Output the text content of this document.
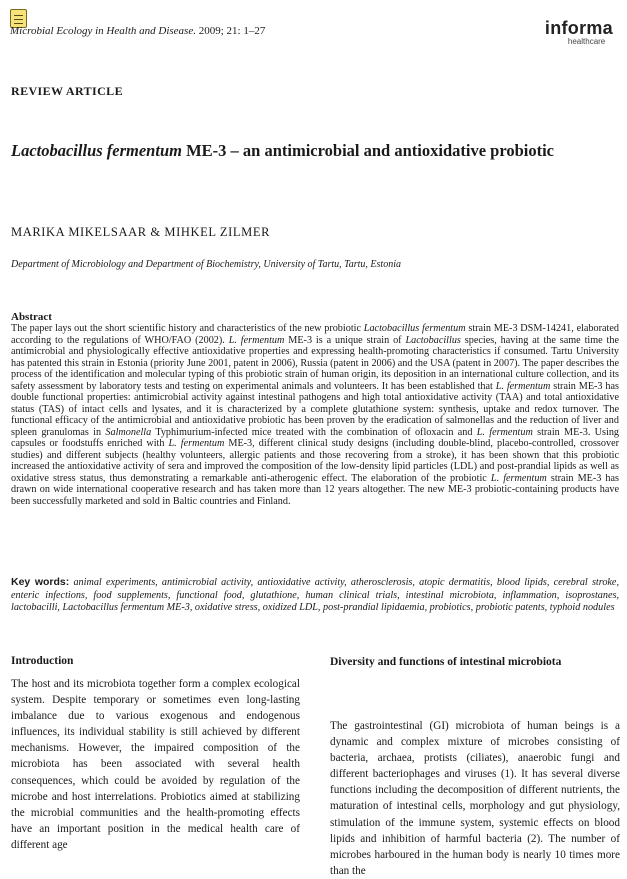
Microbial Ecology in Health and Disease. 2009; 21: 1–27	informa
healthcare
REVIEW ARTICLE
Lactobacillus fermentum ME-3 – an antimicrobial and antioxidative probiotic
MARIKA MIKELSAAR & MIHKEL ZILMER
Department of Microbiology and Department of Biochemistry, University of Tartu, Tartu, Estonia
Abstract
The paper lays out the short scientific history and characteristics of the new probiotic Lactobacillus fermentum strain ME-3 DSM-14241, elaborated according to the regulations of WHO/FAO (2002). L. fermentum ME-3 is a unique strain of Lactobacillus species, having at the same time the antimicrobial and physiologically effective antioxidative properties and expressing health-promoting characteristics if consumed. Tartu University has patented this strain in Estonia (priority June 2001, patent in 2006), Russia (patent in 2006) and the USA (patent in 2007). The paper describes the process of the identification and molecular typing of this probiotic strain of human origin, its deposition in an international culture collection, and its safety assessment by laboratory tests and testing on experimental animals and volunteers. It has been established that L. fermentum strain ME-3 has double functional properties: antimicrobial activity against intestinal pathogens and high total antioxidative activity (TAA) and total antioxidative status (TAS) of intact cells and lysates, and it is characterized by a complete glutathione system: synthesis, uptake and redox turnover. The functional efficacy of the antimicrobial and antioxidative probiotic has been proven by the eradication of salmonellas and the reduction of liver and spleen granulomas in Salmonella Typhimurium-infected mice treated with the combination of ofloxacin and L. fermentum strain ME-3. Using capsules or foodstuffs enriched with L. fermentum ME-3, different clinical study designs (including double-blind, placebo-controlled, crossover studies) and different subjects (healthy volunteers, allergic patients and those recovering from a stroke), it has been shown that this probiotic increased the antioxidative activity of sera and improved the composition of the low-density lipid particles (LDL) and post-prandial lipids as well as oxidative stress status, thus demonstrating a remarkable anti-atherogenic effect. The elaboration of the probiotic L. fermentum strain ME-3 has drawn on wide international cooperative research and has taken more than 12 years altogether. The new ME-3 probiotic-containing products have been successfully marketed and sold in Baltic countries and Finland.
Key words: animal experiments, antimicrobial activity, antioxidative activity, atherosclerosis, atopic dermatitis, blood lipids, cerebral stroke, enteric infections, food supplements, functional food, glutathione, human clinical trials, intestinal microbiota, inflammation, isoprostanes, lactobacilli, Lactobacillus fermentum ME-3, oxidative stress, oxidized LDL, post-prandial lipidaemia, probiotics, probiotic patents, typhoid nodules
Introduction
The host and its microbiota together form a complex ecological system. Despite temporary or sometimes even long-lasting imbalance due to various exogenous and endogenous influences, its individual stability is still achieved by different mechanisms. However, the impaired composition of the microbiota has been associated with several health consequences, which could be avoided by regulation of the microbe and host interrelations. Probiotics aimed at stabilizing the microbial communities and the health-promoting effects have an important position in the medical health care of different age
Diversity and functions of intestinal microbiota
The gastrointestinal (GI) microbiota of human beings is a dynamic and complex mixture of microbes consisting of bacteria, archaea, protists (ciliates), anaerobic fungi and different bacteriophages and viruses (1). It has several diverse functions including the decomposition of different nutrients, the maturation of intestinal cells, morphology and gut physiology, stimulation of the immune system, systemic effects on blood lipids and inhibition of harmful bacteria (2). The number of microbes harboured in the human body is nearly 10 times more than the
